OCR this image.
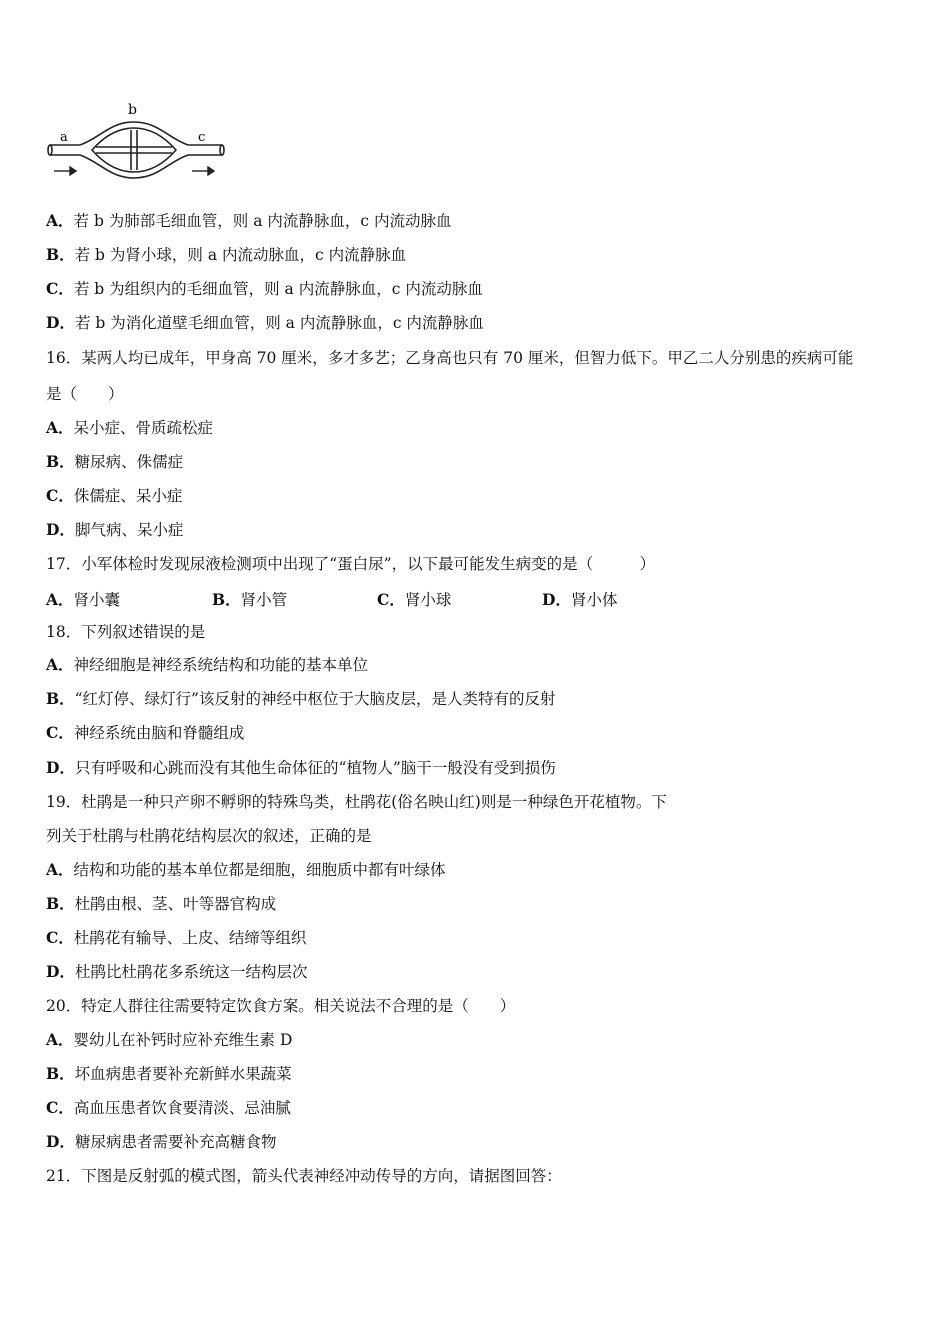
a
b
c
A．若 b 为肺部毛细血管，则 a 内流静脉血，c 内流动脉血
B．若 b 为肾小球，则 a 内流动脉血，c 内流静脉血
C．若 b 为组织内的毛细血管，则 a 内流静脉血，c 内流动脉血
D．若 b 为消化道壁毛细血管，则 a 内流静脉血，c 内流静脉血
16．某两人均已成年，甲身高 70 厘米，多才多艺；乙身高也只有 70 厘米，但智力低下。甲乙二人分别患的疾病可能
是（　　）
A．呆小症、骨质疏松症
B．糖尿病、侏儒症
C．侏儒症、呆小症
D．脚气病、呆小症
17．小军体检时发现尿液检测项中出现了“蛋白尿”，以下最可能发生病变的是（　　　）
A．肾小囊	B．肾小管	C．肾小球	D．肾小体
18．下列叙述错误的是
A．神经细胞是神经系统结构和功能的基本单位
B．“红灯停、绿灯行”该反射的神经中枢位于大脑皮层，是人类特有的反射
C．神经系统由脑和脊髓组成
D．只有呼吸和心跳而没有其他生命体征的“植物人”脑干一般没有受到损伤
19．杜鹃是一种只产卵不孵卵的特殊鸟类，杜鹃花(俗名映山红)则是一种绿色开花植物。下
列关于杜鹃与杜鹃花结构层次的叙述，正确的是
A．结构和功能的基本单位都是细胞，细胞质中都有叶绿体
B．杜鹃由根、茎、叶等器官构成
C．杜鹃花有输导、上皮、结缔等组织
D．杜鹃比杜鹃花多系统这一结构层次
20．特定人群往往需要特定饮食方案。相关说法不合理的是（　　）
A．婴幼儿在补钙时应补充维生素 D
B．坏血病患者要补充新鲜水果蔬菜
C．高血压患者饮食要清淡、忌油腻
D．糖尿病患者需要补充高糖食物
21．下图是反射弧的模式图，箭头代表神经冲动传导的方向，请据图回答：
